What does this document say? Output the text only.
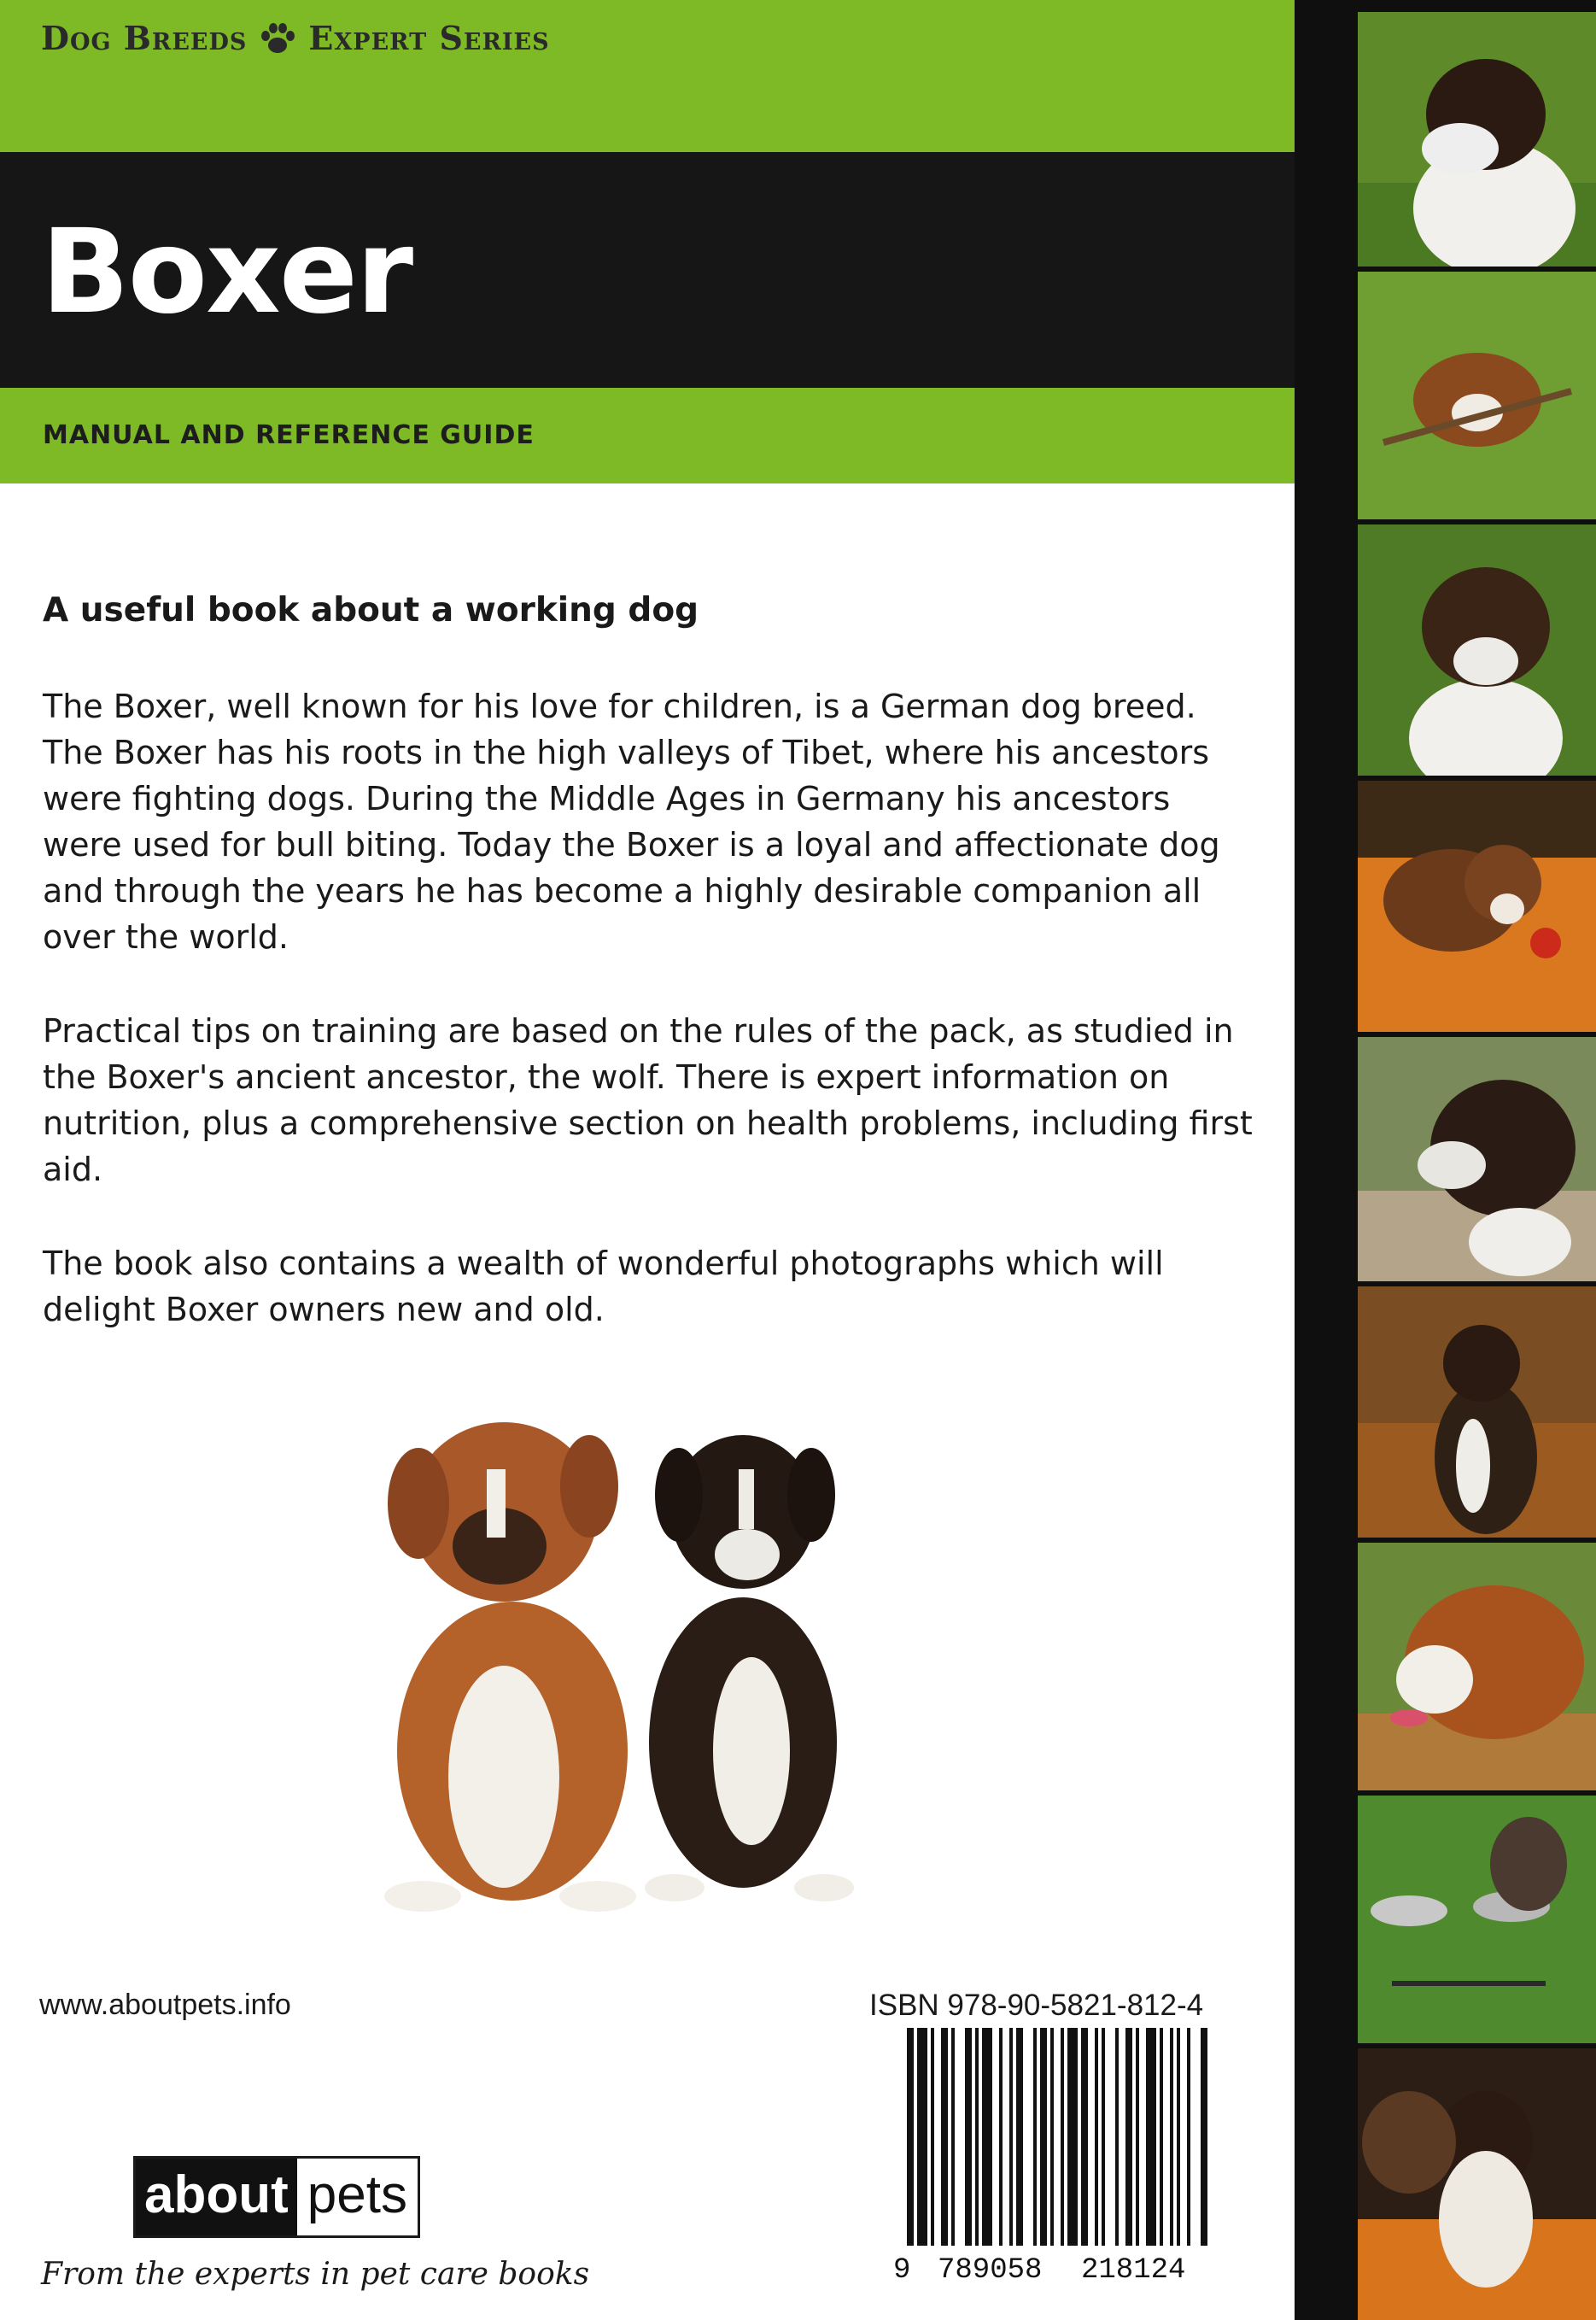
Dog Breeds Expert Series
Boxer
MANUAL AND REFERENCE GUIDE
A useful book about a working dog

The Boxer, well known for his love for children, is a German dog breed. The Boxer has his roots in the high valleys of Tibet, where his ancestors were fighting dogs. During the Middle Ages in Germany his ancestors were used for bull biting. Today the Boxer is a loyal and affectionate dog and through the years he has become a highly desirable companion all over the world.

Practical tips on training are based on the rules of the pack, as studied in the Boxer's ancient ancestor, the wolf. There is expert information on nutrition, plus a comprehensive section on health problems, including first aid.

The book also contains a wealth of wonderful photographs which will delight Boxer owners new and old.

www.aboutpets.info	ISBN 978-90-5821-812-4
9 789058 218124
about pets
From the experts in pet care books
